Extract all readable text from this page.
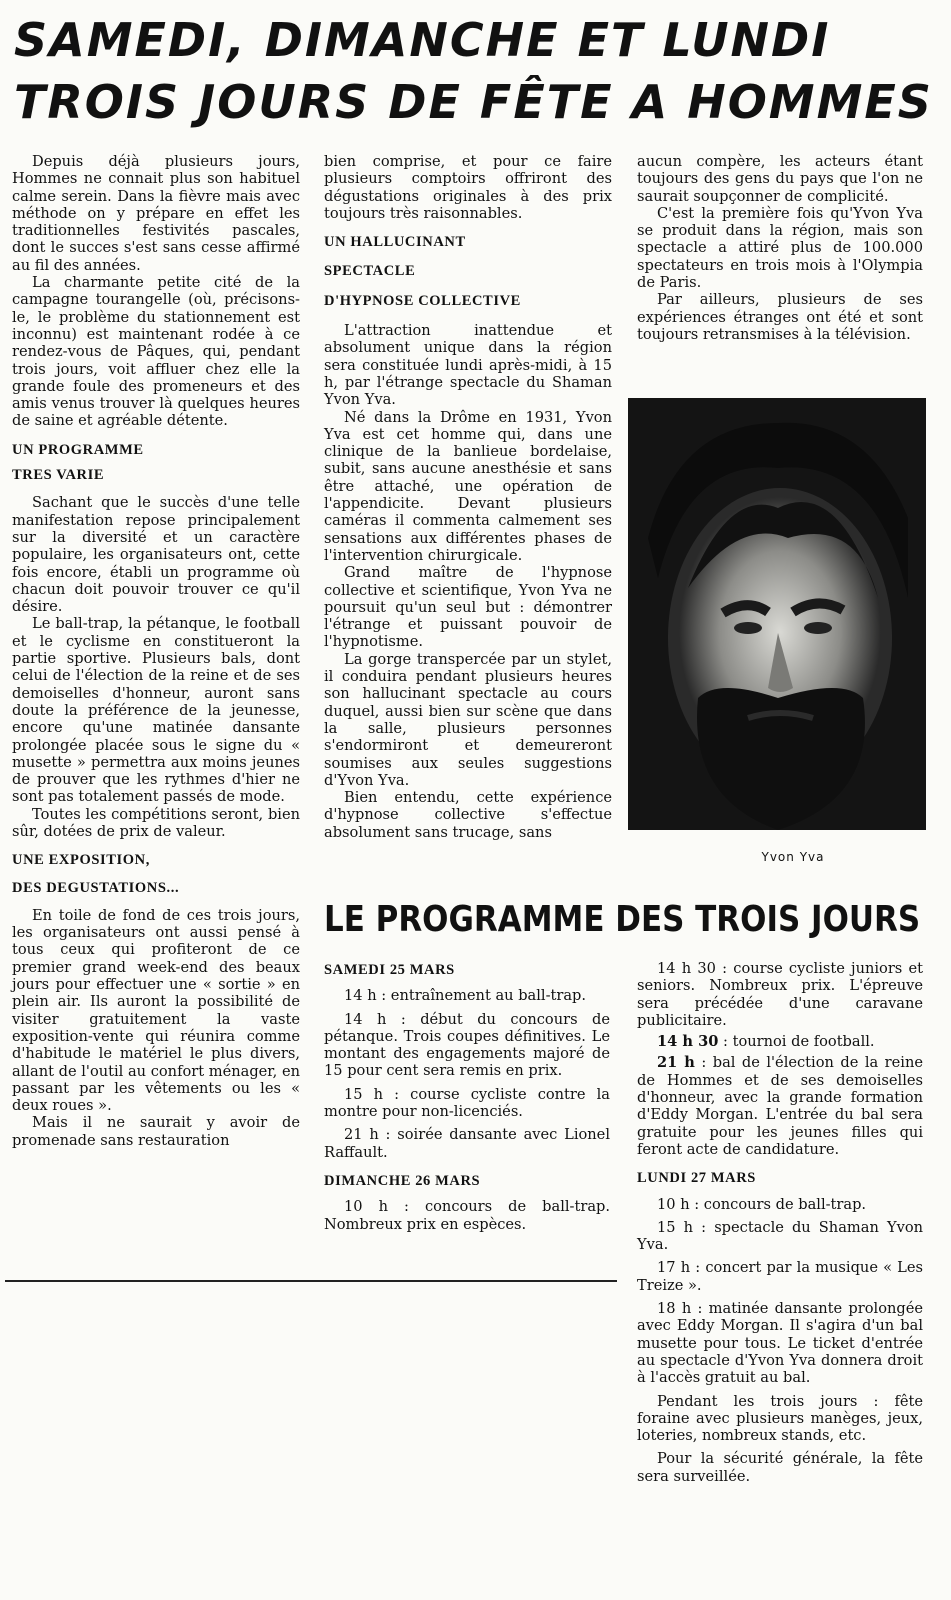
SAMEDI, DIMANCHE ET LUNDI
TROIS JOURS DE FÊTE A HOMMES

Depuis déjà plusieurs jours, Hommes ne connait plus son habituel calme serein. Dans la fièvre mais avec méthode on y prépare en effet les traditionnelles festivités pascales, dont le succes s'est sans cesse affirmé au fil des années.

La charmante petite cité de la campagne tourangelle (où, précisons-le, le problème du stationnement est inconnu) est maintenant rodée à ce rendez-vous de Pâques, qui, pendant trois jours, voit affluer chez elle la grande foule des promeneurs et des amis venus trouver là quelques heures de saine et agréable détente.

UN PROGRAMME
TRES VARIE

Sachant que le succès d'une telle manifestation repose principalement sur la diversité et un caractère populaire, les organisateurs ont, cette fois encore, établi un programme où chacun doit pouvoir trouver ce qu'il désire.

Le ball-trap, la pétanque, le football et le cyclisme en constitueront la partie sportive. Plusieurs bals, dont celui de l'élection de la reine et de ses demoiselles d'honneur, auront sans doute la préférence de la jeunesse, encore qu'une matinée dansante prolongée placée sous le signe du « musette » permettra aux moins jeunes de prouver que les rythmes d'hier ne sont pas totalement passés de mode.

Toutes les compétitions seront, bien sûr, dotées de prix de valeur.

UNE EXPOSITION,
DES DEGUSTATIONS...

En toile de fond de ces trois jours, les organisateurs ont aussi pensé à tous ceux qui profiteront de ce premier grand week-end des beaux jours pour effectuer une « sortie » en plein air. Ils auront la possibilité de visiter gratuitement la vaste exposition-vente qui réunira comme d'habitude le matériel le plus divers, allant de l'outil au confort ménager, en passant par les vêtements ou les « deux roues ».

Mais il ne saurait y avoir de promenade sans restauration

bien comprise, et pour ce faire plusieurs comptoirs offriront des dégustations originales à des prix toujours très raisonnables.

UN HALLUCINANT
SPECTACLE
D'HYPNOSE COLLECTIVE

L'attraction inattendue et absolument unique dans la région sera constituée lundi après-midi, à 15 h, par l'étrange spectacle du Shaman Yvon Yva.

Né dans la Drôme en 1931, Yvon Yva est cet homme qui, dans une clinique de la banlieue bordelaise, subit, sans aucune anesthésie et sans être attaché, une opération de l'appendicite. Devant plusieurs caméras il commenta calmement ses sensations aux différentes phases de l'intervention chirurgicale.

Grand maître de l'hypnose collective et scientifique, Yvon Yva ne poursuit qu'un seul but : démontrer l'étrange et puissant pouvoir de l'hypnotisme.

La gorge transpercée par un stylet, il conduira pendant plusieurs heures son hallucinant spectacle au cours duquel, aussi bien sur scène que dans la salle, plusieurs personnes s'endormiront et demeureront soumises aux seules suggestions d'Yvon Yva.

Bien entendu, cette expérience d'hypnose collective s'effectue absolument sans trucage, sans

aucun compère, les acteurs étant toujours des gens du pays que l'on ne saurait soupçonner de complicité.

C'est la première fois qu'Yvon Yva se produit dans la région, mais son spectacle a attiré plus de 100.000 spectateurs en trois mois à l'Olympia de Paris.

Par ailleurs, plusieurs de ses expériences étranges ont été et sont toujours retransmises à la télévision.

Yvon Yva
LE PROGRAMME DES TROIS JOURS
SAMEDI 25 MARS

14 h : entraînement au ball-trap.

14 h : début du concours de pétanque. Trois coupes définitives. Le montant des engagements majoré de 15 pour cent sera remis en prix.

15 h : course cycliste contre la montre pour non-licenciés.

21 h : soirée dansante avec Lionel Raffault.

DIMANCHE 26 MARS

10 h : concours de ball-trap. Nombreux prix en espèces.

14 h 30 : course cycliste juniors et seniors. Nombreux prix. L'épreuve sera précédée d'une caravane publicitaire.

14 h 30 : tournoi de football.

21 h : bal de l'élection de la reine de Hommes et de ses demoiselles d'honneur, avec la grande formation d'Eddy Morgan. L'entrée du bal sera gratuite pour les jeunes filles qui feront acte de candidature.

LUNDI 27 MARS

10 h : concours de ball-trap.

15 h : spectacle du Shaman Yvon Yva.

17 h : concert par la musique « Les Treize ».

18 h : matinée dansante prolongée avec Eddy Morgan. Il s'agira d'un bal musette pour tous. Le ticket d'entrée au spectacle d'Yvon Yva donnera droit à l'accès gratuit au bal.

Pendant les trois jours : fête foraine avec plusieurs manèges, jeux, loteries, nombreux stands, etc.

Pour la sécurité générale, la fête sera surveillée.
